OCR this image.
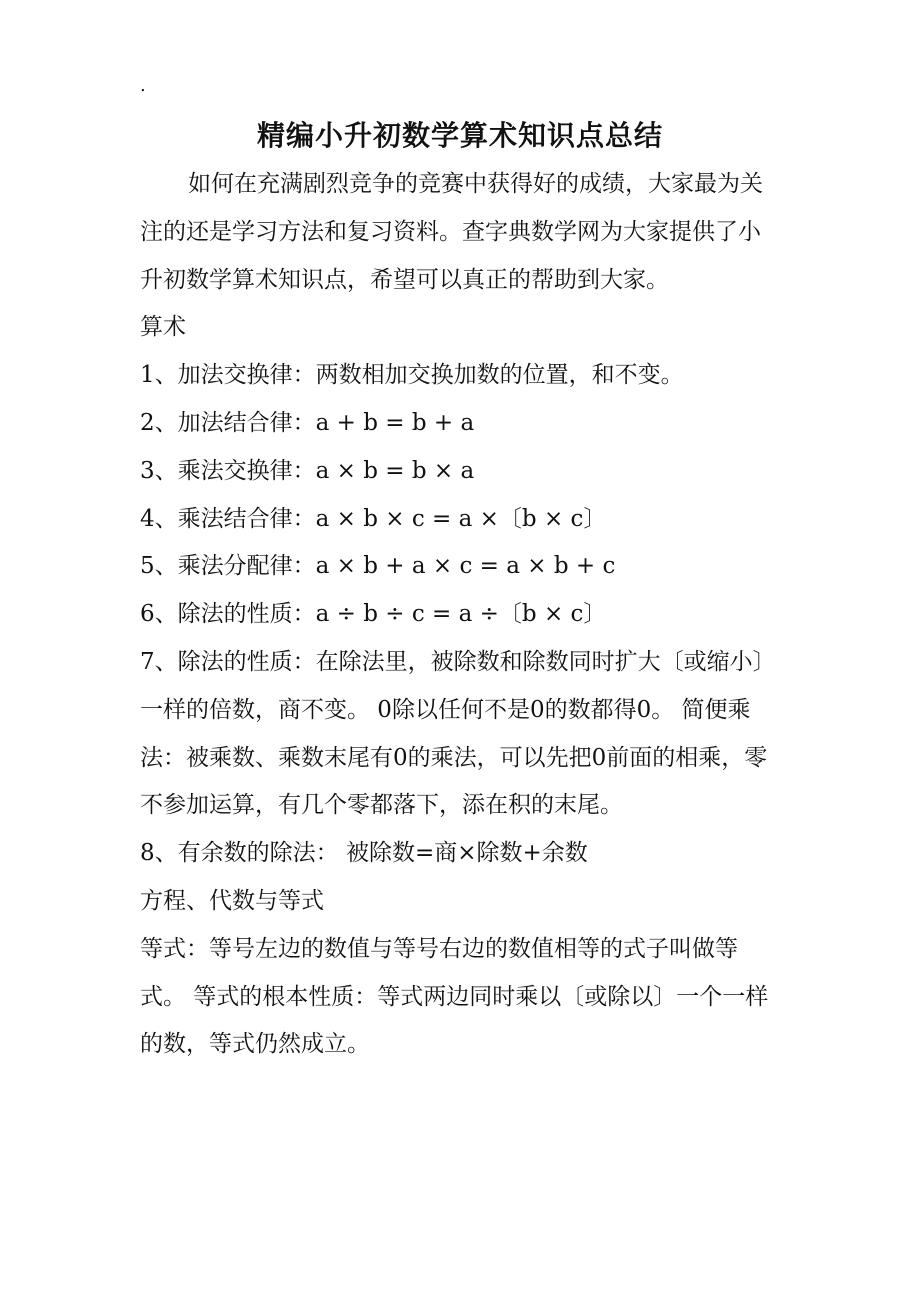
.
精编小升初数学算术知识点总结

如何在充满剧烈竞争的竞赛中获得好的成绩，大家最为关注的还是学习方法和复习资料。查字典数学网为大家提供了小升初数学算术知识点，希望可以真正的帮助到大家。

算术

1、加法交换律：两数相加交换加数的位置，和不变。

2、加法结合律：a + b = b + a

3、乘法交换律：a × b = b × a

4、乘法结合律：a × b × c = a ×〔b × c〕

5、乘法分配律：a × b + a × c = a × b + c

6、除法的性质：a ÷ b ÷ c = a ÷〔b × c〕

7、除法的性质：在除法里，被除数和除数同时扩大〔或缩小〕一样的倍数，商不变。 0除以任何不是0的数都得0。 简便乘法：被乘数、乘数末尾有0的乘法，可以先把0前面的相乘，零不参加运算，有几个零都落下，添在积的末尾。

8、有余数的除法： 被除数=商×除数+余数

方程、代数与等式

等式：等号左边的数值与等号右边的数值相等的式子叫做等式。 等式的根本性质：等式两边同时乘以〔或除以〕一个一样的数，等式仍然成立。
